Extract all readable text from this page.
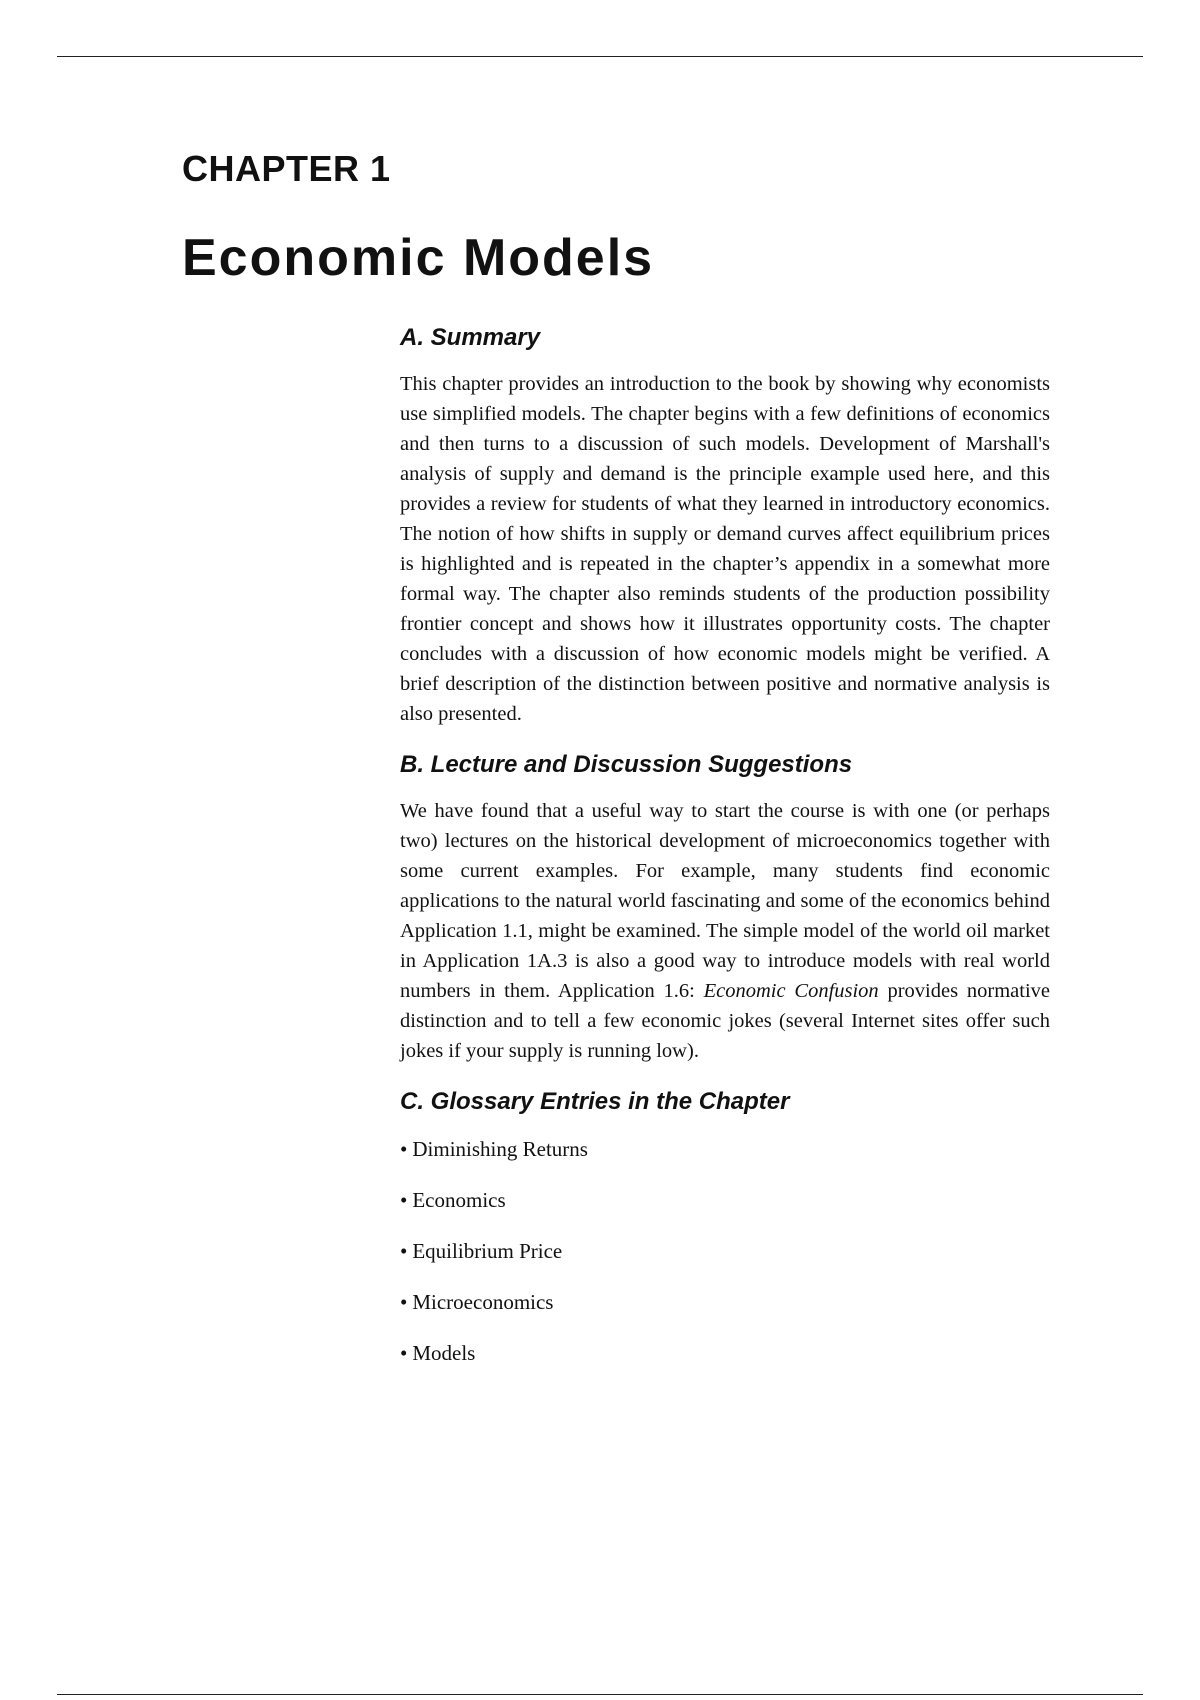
CHAPTER 1
Economic Models
A. Summary

This chapter provides an introduction to the book by showing why economists use simplified models. The chapter begins with a few definitions of economics and then turns to a discussion of such models. Development of Marshall's analysis of supply and demand is the principle example used here, and this provides a review for students of what they learned in introductory economics. The notion of how shifts in supply or demand curves affect equilibrium prices is highlighted and is repeated in the chapter’s appendix in a somewhat more formal way. The chapter also reminds students of the production possibility frontier concept and shows how it illustrates opportunity costs. The chapter concludes with a discussion of how economic models might be verified. A brief description of the distinction between positive and normative analysis is also presented.

B. Lecture and Discussion Suggestions

We have found that a useful way to start the course is with one (or perhaps two) lectures on the historical development of microeconomics together with some current examples. For example, many students find economic applications to the natural world fascinating and some of the economics behind Application 1.1, might be examined. The simple model of the world oil market in Application 1A.3 is also a good way to introduce models with real world numbers in them. Application 1.6: Economic Confusion provides normative distinction and to tell a few economic jokes (several Internet sites offer such jokes if your supply is running low).

C. Glossary Entries in the Chapter
• Diminishing Returns
• Economics
• Equilibrium Price
• Microeconomics
• Models
